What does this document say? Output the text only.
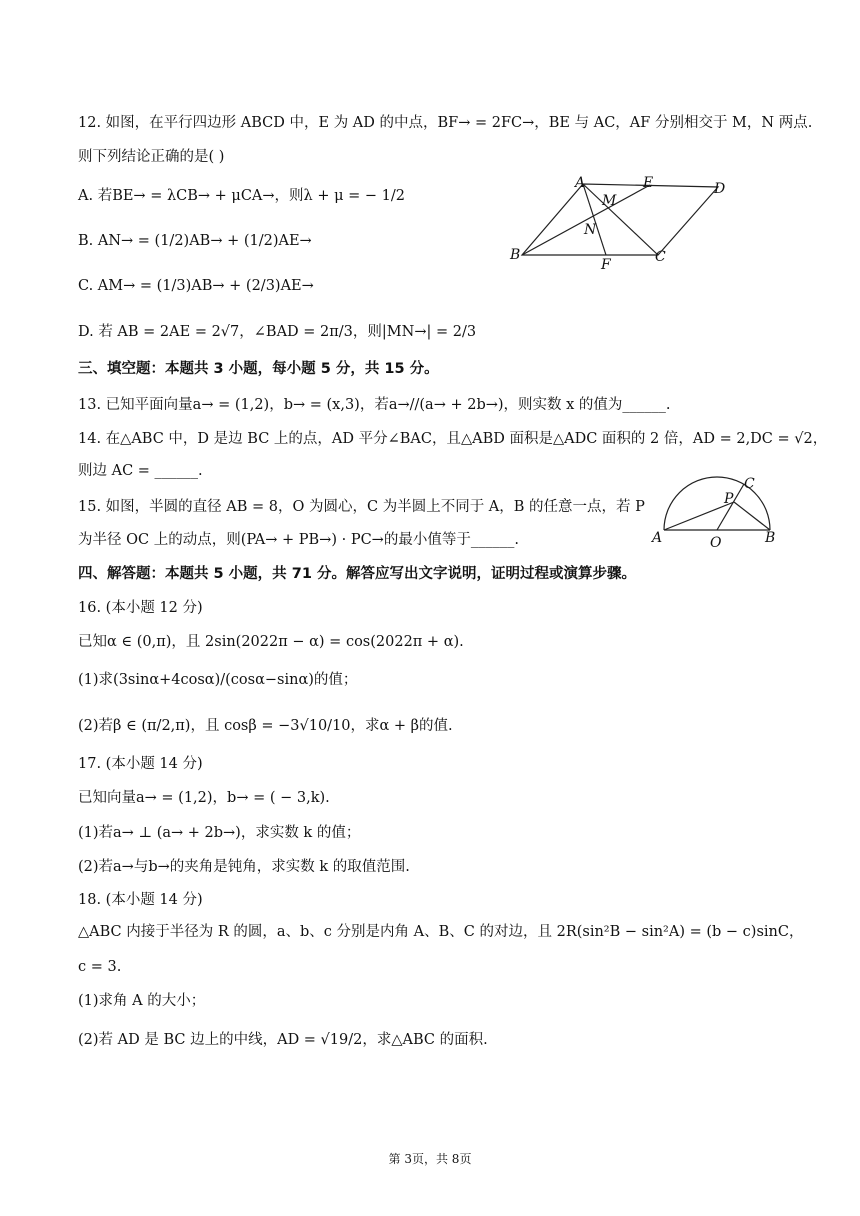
12. 如图，在平行四边形 ABCD 中，E 为 AD 的中点，BF→ = 2FC→，BE 与 AC，AF 分别相交于 M，N 两点.
则下列结论正确的是( )
A. 若BE→ = λCB→ + μCA→，则λ + μ = − 1/2
B. AN→ = (1/2)AB→ + (1/2)AE→
C. AM→ = (1/3)AB→ + (2/3)AE→
D. 若 AB = 2AE = 2√7，∠BAD = 2π/3，则|MN→| = 2/3
A	E	D
M
N
B
F	C
三、填空题：本题共 3 小题，每小题 5 分，共 15 分。
13. 已知平面向量a→ = (1,2)，b→ = (x,3)，若a→//(a→ + 2b→)，则实数 x 的值为______.
14. 在△ABC 中，D 是边 BC 上的点，AD 平分∠BAC，且△ABD 面积是△ADC 面积的 2 倍，AD = 2,DC = √2，
则边 AC = ______.
15. 如图，半圆的直径 AB = 8，O 为圆心，C 为半圆上不同于 A，B 的任意一点，若 P
为半径 OC 上的动点，则(PA→ + PB→) · PC→的最小值等于______.	A	O	B
P
C
四、解答题：本题共 5 小题，共 71 分。解答应写出文字说明，证明过程或演算步骤。
16. (本小题 12 分)
已知α ∈ (0,π)，且 2sin(2022π − α) = cos(2022π + α).
(1)求(3sinα+4cosα)/(cosα−sinα)的值；
(2)若β ∈ (π/2,π)，且 cosβ = −3√10/10，求α + β的值.
17. (本小题 14 分)
已知向量a→ = (1,2)，b→ = ( − 3,k).
(1)若a→ ⊥ (a→ + 2b→)，求实数 k 的值；
(2)若a→与b→的夹角是钝角，求实数 k 的取值范围.
18. (本小题 14 分)
△ABC 内接于半径为 R 的圆，a、b、c 分别是内角 A、B、C 的对边，且 2R(sin²B − sin²A) = (b − c)sinC，
c = 3.
(1)求角 A 的大小；
(2)若 AD 是 BC 边上的中线，AD = √19/2，求△ABC 的面积.
第 3页，共 8页
